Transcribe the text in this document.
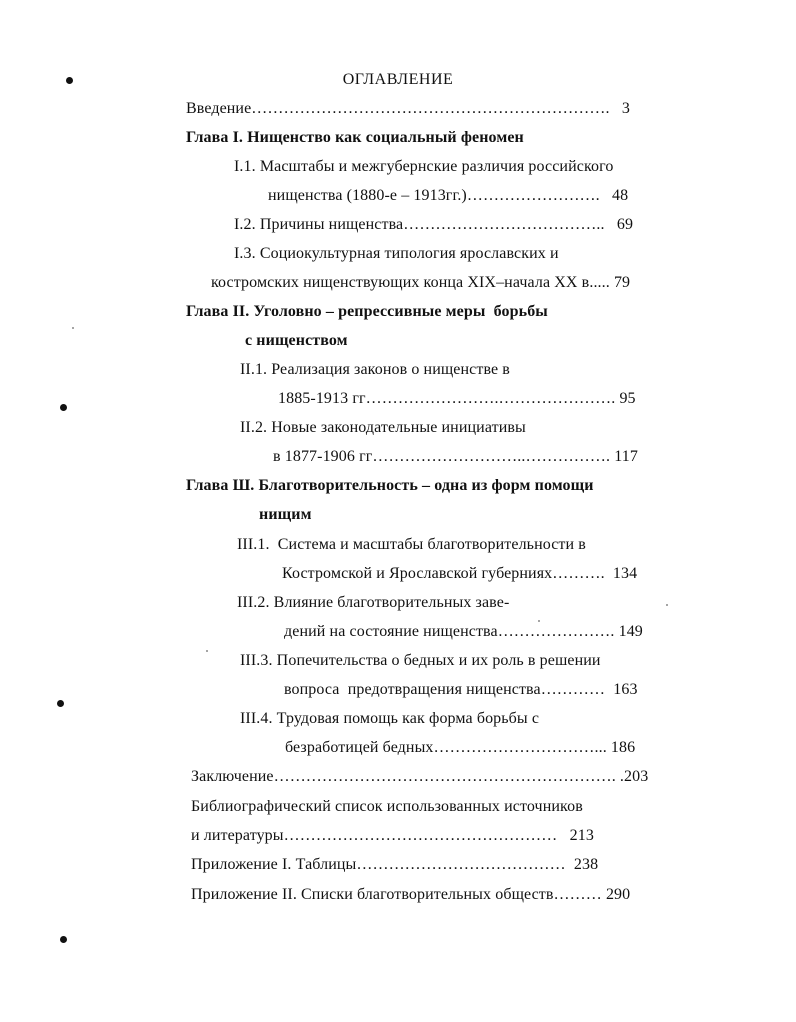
ОГЛАВЛЕНИЕ
Введение………………………………………………………….   3
Глава I. Нищенство как социальный феномен
I.1. Масштабы и межгубернские различия российского
нищенства (1880-е – 1913гг.)…………………….   48
I.2. Причины нищенства………………………………..   69
I.3. Социокультурная типология ярославских и
костромских нищенствующих конца XIX–начала XX в..... 79
Глава II. Уголовно – репрессивные меры  борьбы
с нищенством
II.1. Реализация законов о нищенстве в
1885-1913 гг…………………….…………………. 95
II.2. Новые законодательные инициативы
в 1877-1906 гг………………………..……………. 117
Глава Ш. Благотворительность – одна из форм помощи
нищим
III.1.  Система и масштабы благотворительности в
Костромской и Ярославской губерниях……….  134
III.2. Влияние благотворительных заве-
дений на состояние нищенства…………………. 149
III.3. Попечительства о бедных и их роль в решении
вопроса  предотвращения нищенства…………  163
III.4. Трудовая помощь как форма борьбы с
безработицей бедных…………………………... 186
Заключение………………………………………………………. .203
Библиографический список использованных источников
и литературы……………………………………………   213
Приложение I. Таблицы…………………………………  238
Приложение II. Списки благотворительных обществ……… 290
